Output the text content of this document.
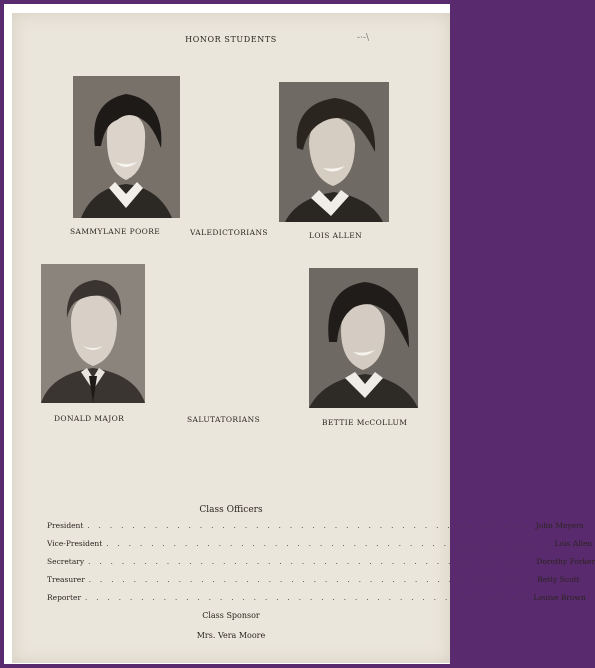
HONOR STUDENTS	-·-\
SAMMYLANE POORE	LOIS ALLEN
VALEDICTORIANS
DONALD MAJOR	BETTIE McCOLLUM
SALUTATORIANS
Class Officers
President . . . . . . . . . . . . . . . . . . . . . . . . . . . . . . . . . . . . . . . . John Meyers
Vice-President . . . . . . . . . . . . . . . . . . . . . . . . . . . . . . . . . . . . . . . . Lois Allen
Secretary . . . . . . . . . . . . . . . . . . . . . . . . . . . . . . . . . . . . . . . . Dorothy Forker
Treasurer . . . . . . . . . . . . . . . . . . . . . . . . . . . . . . . . . . . . . . . . Betty Scott
Reporter . . . . . . . . . . . . . . . . . . . . . . . . . . . . . . . . . . . . . . . . Louise Brown
Class Sponsor
Mrs. Vera Moore
